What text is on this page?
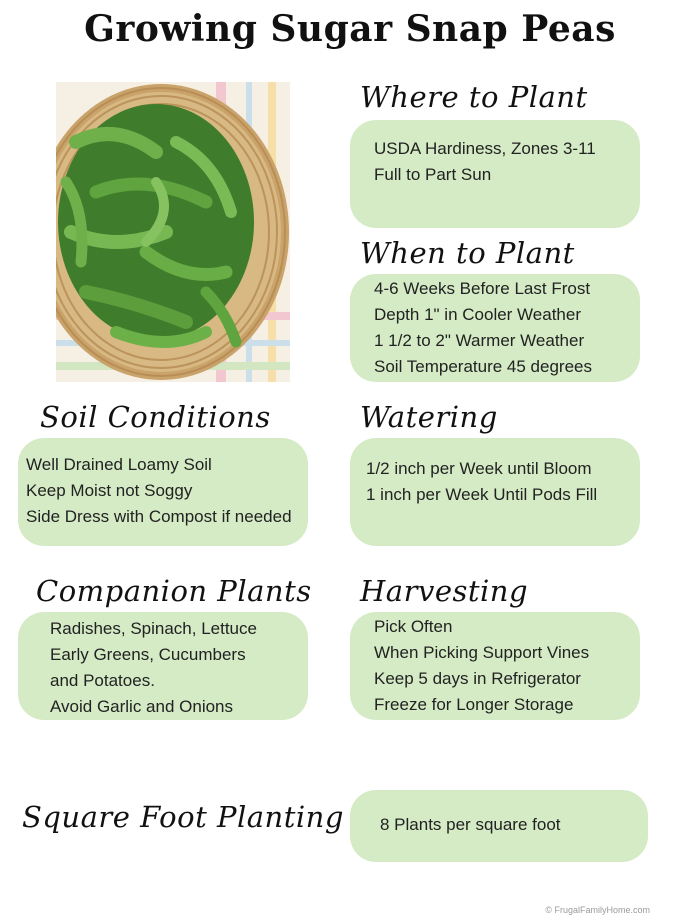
Growing Sugar Snap Peas
Where to Plant
USDA Hardiness, Zones 3-11
Full to Part Sun
When to Plant
4-6 Weeks Before Last Frost
Depth 1" in Cooler Weather
1 1/2 to 2" Warmer Weather
Soil Temperature 45 degrees
Soil Conditions
Well Drained Loamy Soil
Keep Moist not Soggy
Side Dress with Compost if needed
Watering
1/2 inch per Week until Bloom
1 inch per Week Until Pods Fill
Companion Plants
Radishes, Spinach, Lettuce
Early Greens, Cucumbers
and Potatoes.
Avoid Garlic and Onions
Harvesting
Pick Often
When Picking Support Vines
Keep 5 days in Refrigerator
Freeze for Longer Storage
Square Foot Planting 8 Plants per square foot
© FrugalFamilyHome.com
